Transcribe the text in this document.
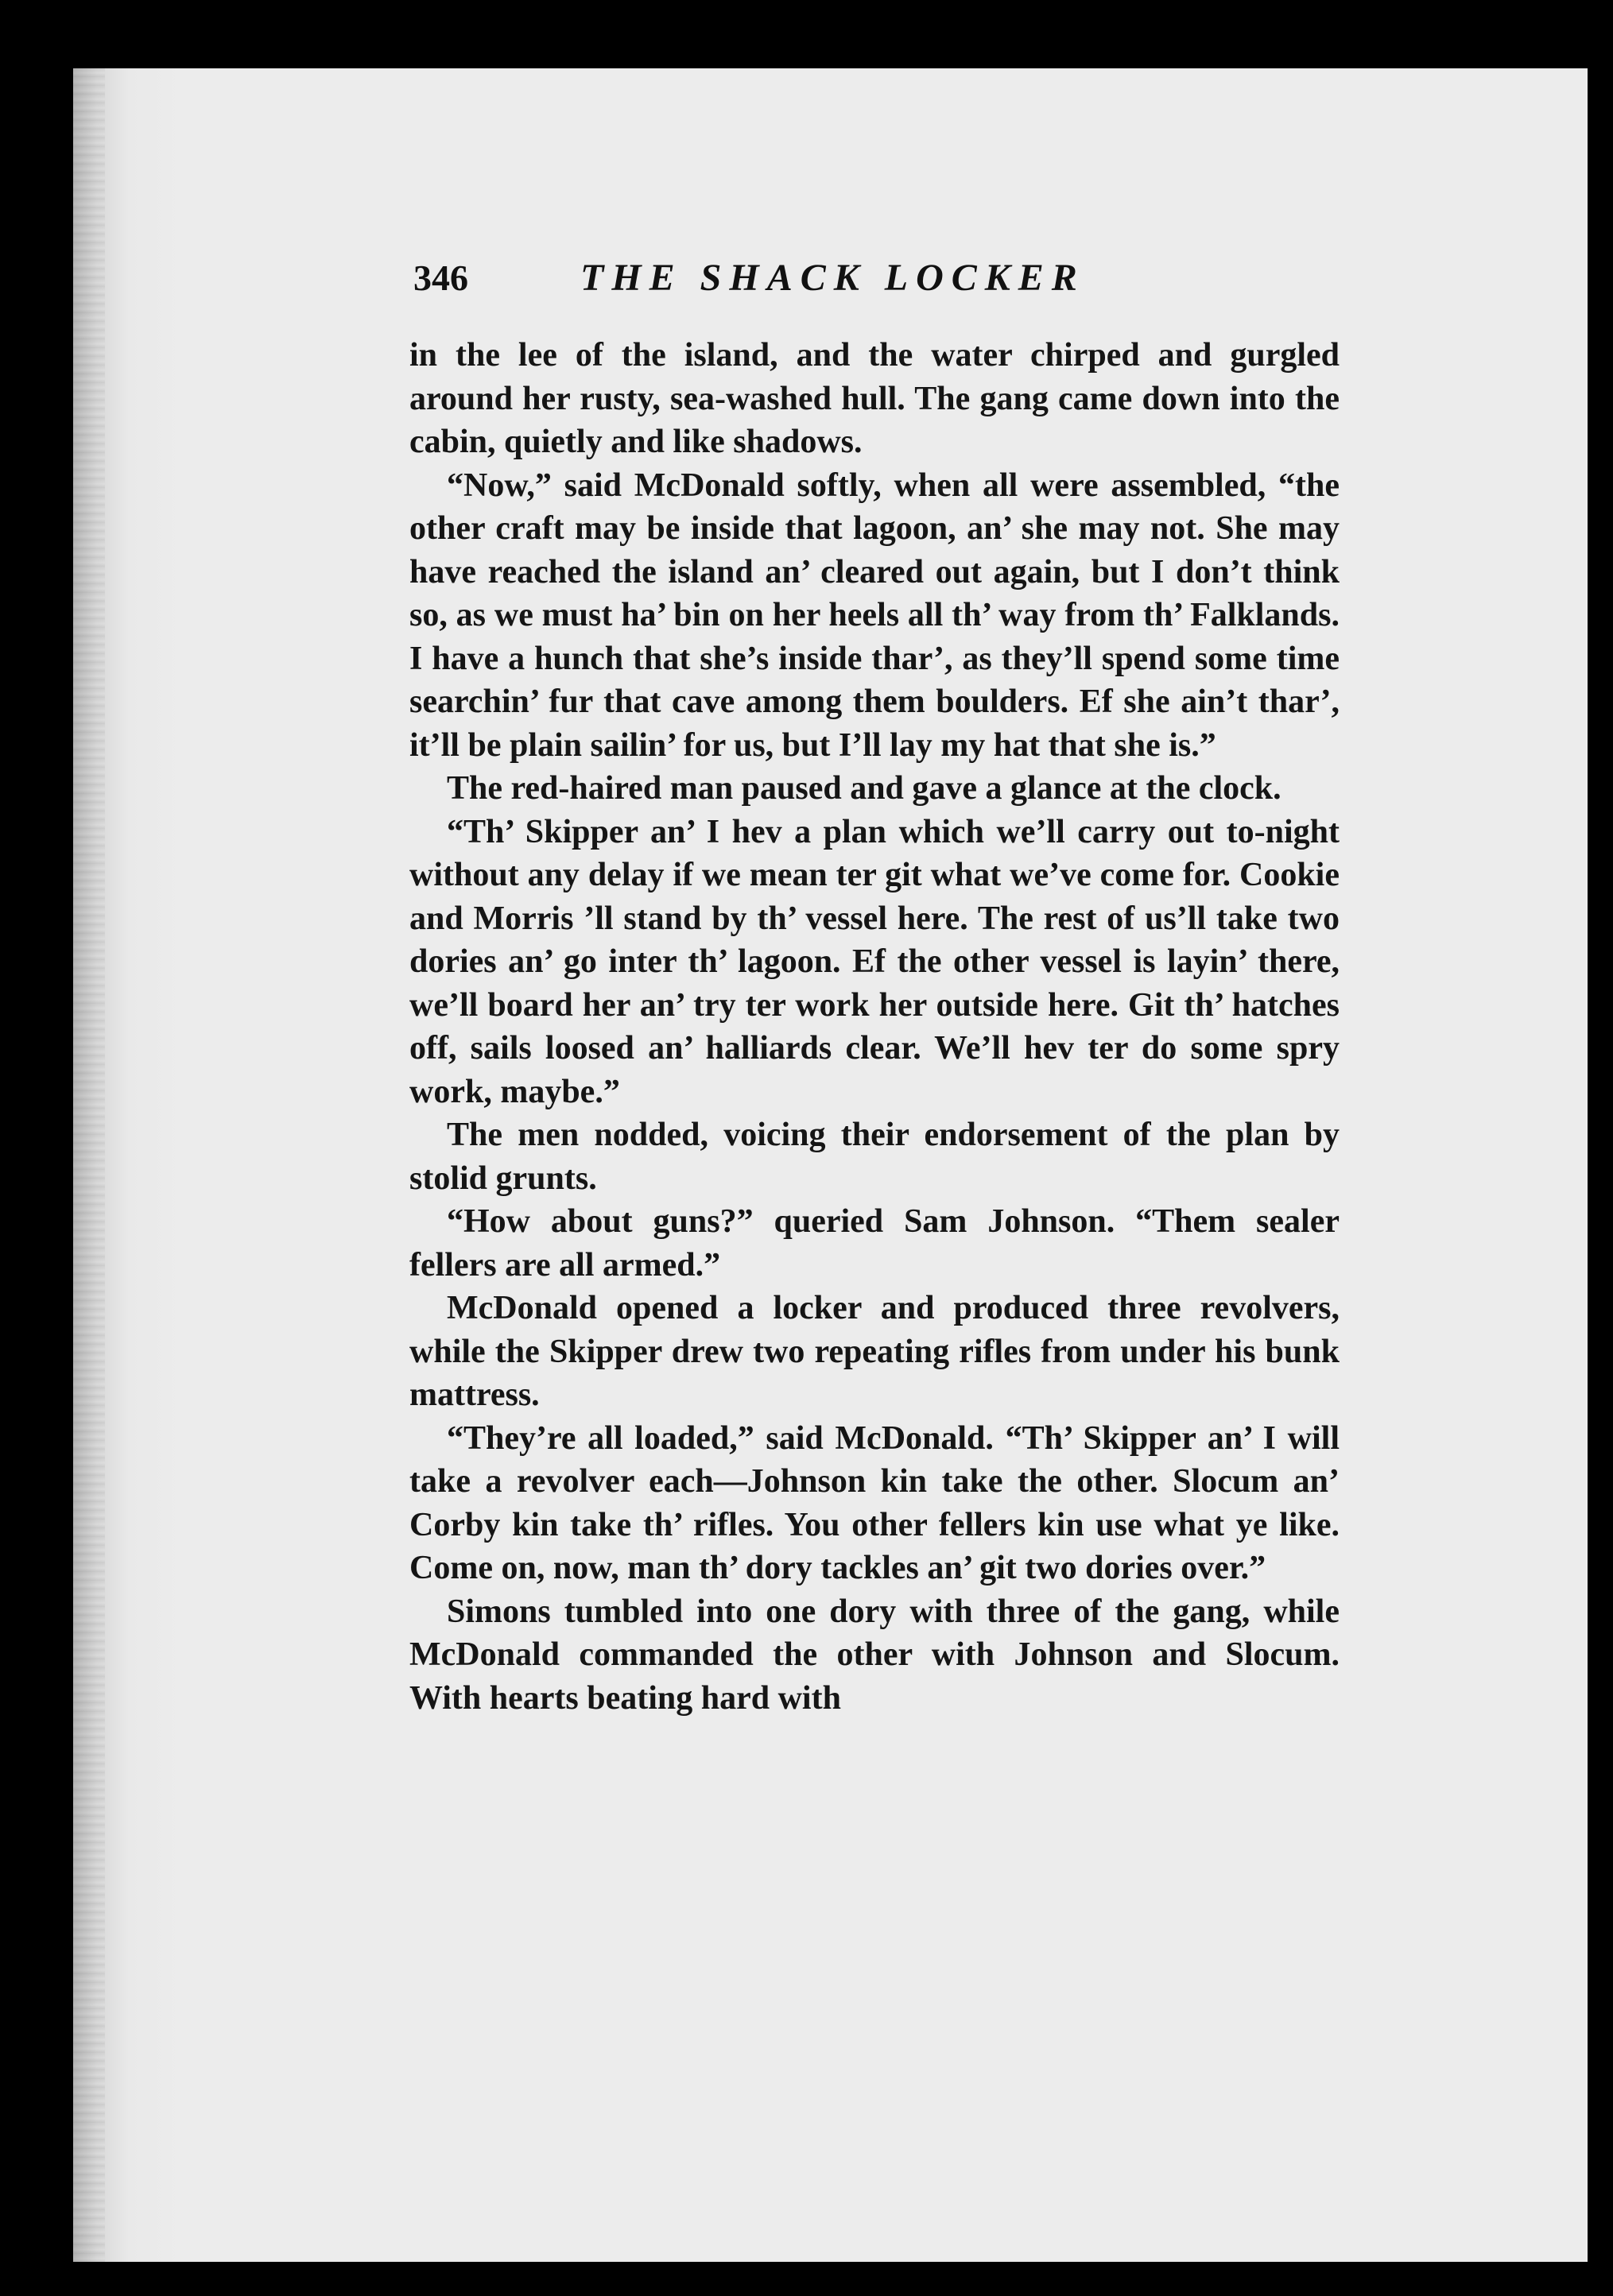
346	THE SHACK LOCKER

in the lee of the island, and the water chirped and gurgled around her rusty, sea-washed hull. The gang came down into the cabin, quietly and like shadows.

“Now,” said McDonald softly, when all were assembled, “the other craft may be inside that lagoon, an’ she may not. She may have reached the island an’ cleared out again, but I don’t think so, as we must ha’ bin on her heels all th’ way from th’ Falklands. I have a hunch that she’s inside thar’, as they’ll spend some time searchin’ fur that cave among them boulders. Ef she ain’t thar’, it’ll be plain sailin’ for us, but I’ll lay my hat that she is.”

The red-haired man paused and gave a glance at the clock.

“Th’ Skipper an’ I hev a plan which we’ll carry out to-night without any delay if we mean ter git what we’ve come for. Cookie and Morris ’ll stand by th’ vessel here. The rest of us’ll take two dories an’ go inter th’ lagoon. Ef the other vessel is layin’ there, we’ll board her an’ try ter work her outside here. Git th’ hatches off, sails loosed an’ halliards clear. We’ll hev ter do some spry work, maybe.”

The men nodded, voicing their endorsement of the plan by stolid grunts.

“How about guns?” queried Sam Johnson. “Them sealer fellers are all armed.”

McDonald opened a locker and produced three revolvers, while the Skipper drew two repeating rifles from under his bunk mattress.

“They’re all loaded,” said McDonald. “Th’ Skipper an’ I will take a revolver each—Johnson kin take the other. Slocum an’ Corby kin take th’ rifles. You other fellers kin use what ye like. Come on, now, man th’ dory tackles an’ git two dories over.”

Simons tumbled into one dory with three of the gang, while McDonald commanded the other with Johnson and Slocum. With hearts beating hard with
